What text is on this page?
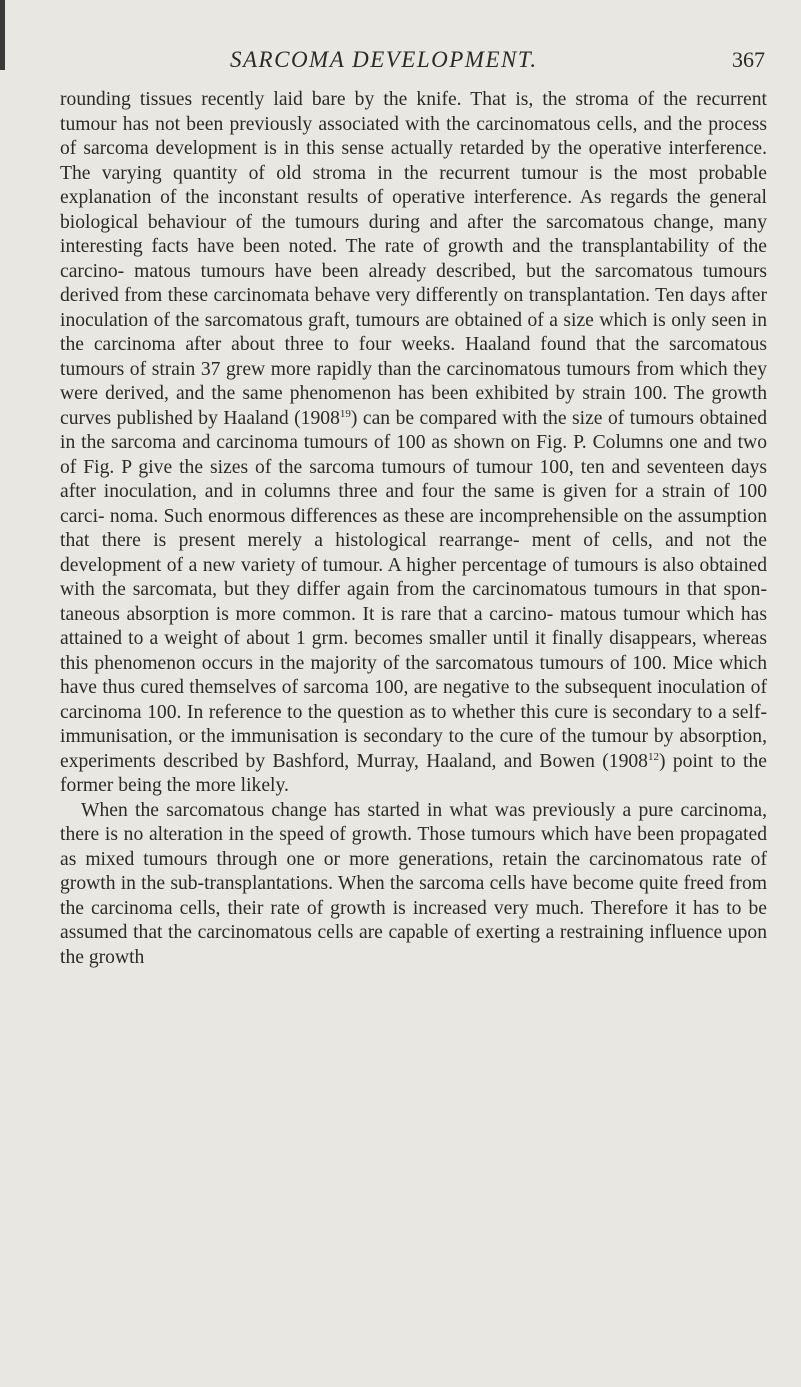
SARCOMA DEVELOPMENT.	367

rounding tissues recently laid bare by the knife. That is, the stroma of the recurrent tumour has not been previously associated with the carcinomatous cells, and the process of sarcoma development is in this sense actually retarded by the operative interference. The varying quantity of old stroma in the recurrent tumour is the most probable explanation of the inconstant results of operative interference. As regards the general biological behaviour of the tumours during and after the sarcomatous change, many interesting facts have been noted. The rate of growth and the transplantability of the carcino- matous tumours have been already described, but the sarcomatous tumours derived from these carcinomata behave very differently on transplantation. Ten days after inoculation of the sarcomatous graft, tumours are obtained of a size which is only seen in the carcinoma after about three to four weeks. Haaland found that the sarcomatous tumours of strain 37 grew more rapidly than the carcinomatous tumours from which they were derived, and the same phenomenon has been exhibited by strain 100. The growth curves published by Haaland (1908$^{19}$) can be compared with the size of tumours obtained in the sarcoma and carcinoma tumours of 100 as shown on Fig. P. Columns one and two of Fig. P give the sizes of the sarcoma tumours of tumour 100, ten and seventeen days after inoculation, and in columns three and four the same is given for a strain of 100 carci- noma. Such enormous differences as these are incomprehensible on the assumption that there is present merely a histological rearrange- ment of cells, and not the development of a new variety of tumour. A higher percentage of tumours is also obtained with the sarcomata, but they differ again from the carcinomatous tumours in that spon- taneous absorption is more common. It is rare that a carcino- matous tumour which has attained to a weight of about 1 grm. becomes smaller until it finally disappears, whereas this phenomenon occurs in the majority of the sarcomatous tumours of 100. Mice which have thus cured themselves of sarcoma 100, are negative to the subsequent inoculation of carcinoma 100. In reference to the question as to whether this cure is secondary to a self-immunisation, or the immunisation is secondary to the cure of the tumour by absorption, experiments described by Bashford, Murray, Haaland, and Bowen (1908$^{12}$) point to the former being the more likely.

When the sarcomatous change has started in what was previously a pure carcinoma, there is no alteration in the speed of growth. Those tumours which have been propagated as mixed tumours through one or more generations, retain the carcinomatous rate of growth in the sub-transplantations. When the sarcoma cells have become quite freed from the carcinoma cells, their rate of growth is increased very much. Therefore it has to be assumed that the carcinomatous cells are capable of exerting a restraining influence upon the growth
